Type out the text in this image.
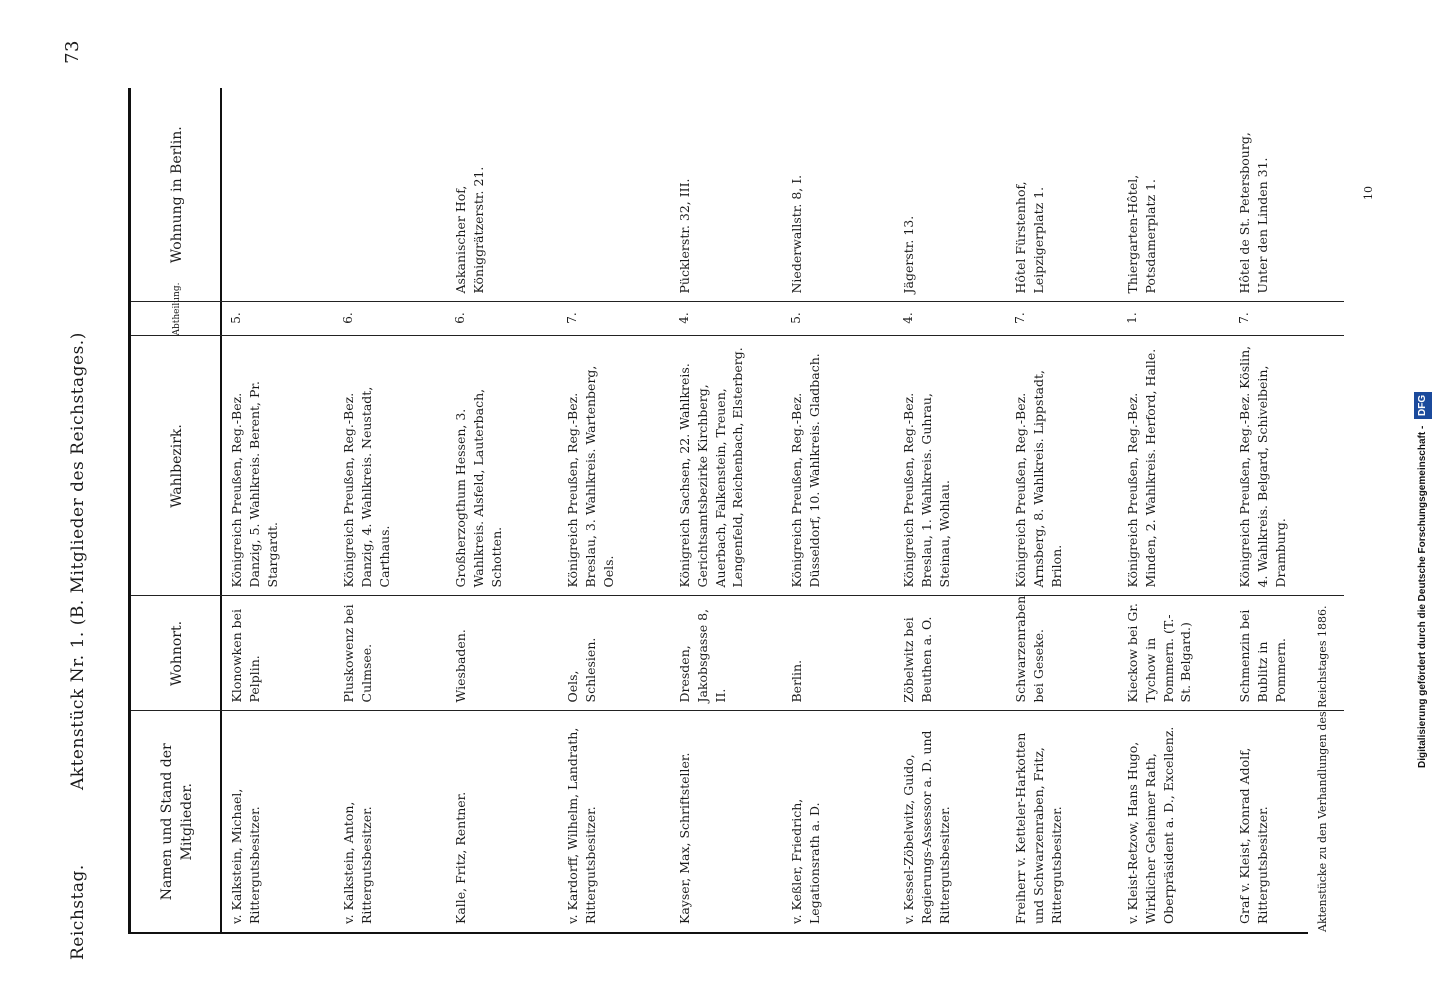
Reichstag.
Aktenstück Nr. 1. (B. Mitglieder des Reichstages.)
73
Namen und Stand der Mitglieder.	Wohnort.	Wahlbezirk.	Abtheilung.	Wohnung in Berlin.
v. Kalkstein, Michael, Rittergutsbesitzer.	Klonowken bei Pelplin.	Königreich Preußen, Reg.-Bez. Danzig, 5. Wahlkreis. Berent, Pr. Stargardt.	5.	
v. Kalkstein, Anton, Rittergutsbesitzer.	Pluskowenz bei Culmsee.	Königreich Preußen, Reg.-Bez. Danzig, 4. Wahlkreis. Neustadt, Carthaus.	6.	
Kalle, Fritz, Rentner.	Wiesbaden.	Großherzogthum Hessen, 3. Wahlkreis. Alsfeld, Lauterbach, Schotten.	6.	Askanischer Hof, Königgrätzerstr. 21.
v. Kardorff, Wilhelm, Landrath, Rittergutsbesitzer.	Oels, Schlesien.	Königreich Preußen, Reg.-Bez. Breslau, 3. Wahlkreis. Wartenberg, Oels.	7.	
Kayser, Max, Schriftsteller.	Dresden, Jakobsgasse 8, II.	Königreich Sachsen, 22. Wahlkreis. Gerichtsamtsbezirke Kirchberg, Auerbach, Falkenstein, Treuen, Lengenfeld, Reichenbach, Elsterberg.	4.	Pücklerstr. 32, III.
v. Keßler, Friedrich, Legationsrath a. D.	Berlin.	Königreich Preußen, Reg.-Bez. Düsseldorf, 10. Wahlkreis. Gladbach.	5.	Niederwallstr. 8, I.
v. Kessel-Zöbelwitz, Guido, Regierungs-Assessor a. D. und Rittergutsbesitzer.	Zöbelwitz bei Beuthen a. O.	Königreich Preußen, Reg.-Bez. Breslau, 1. Wahlkreis. Guhrau, Steinau, Wohlau.	4.	Jägerstr. 13.
Freiherr v. Ketteler-Harkotten und Schwarzenraben, Fritz, Rittergutsbesitzer.	Schwarzenraben bei Geseke.	Königreich Preußen, Reg.-Bez. Arnsberg, 8. Wahlkreis. Lippstadt, Brilon.	7.	Hôtel Fürstenhof, Leipzigerplatz 1.
v. Kleist-Retzow, Hans Hugo, Wirklicher Geheimer Rath, Oberpräsident a. D., Excellenz.	Kieckow bei Gr. Tychow in Pommern. (T.-St. Belgard.)	Königreich Preußen, Reg.-Bez. Minden, 2. Wahlkreis. Herford, Halle.	1.	Thiergarten-Hôtel, Potsdamerplatz 1.
Graf v. Kleist, Konrad Adolf, Rittergutsbesitzer.	Schmenzin bei Bublitz in Pommern.	Königreich Preußen, Reg.-Bez. Köslin, 4. Wahlkreis. Belgard, Schivelbein, Dramburg.	7.	Hôtel de St. Petersbourg, Unter den Linden 31.
Aktenstücke zu den Verhandlungen des Reichstages 1886.
10
Digitalisierung gefördert durch die Deutsche Forschungsgemeinschaft - DFG
